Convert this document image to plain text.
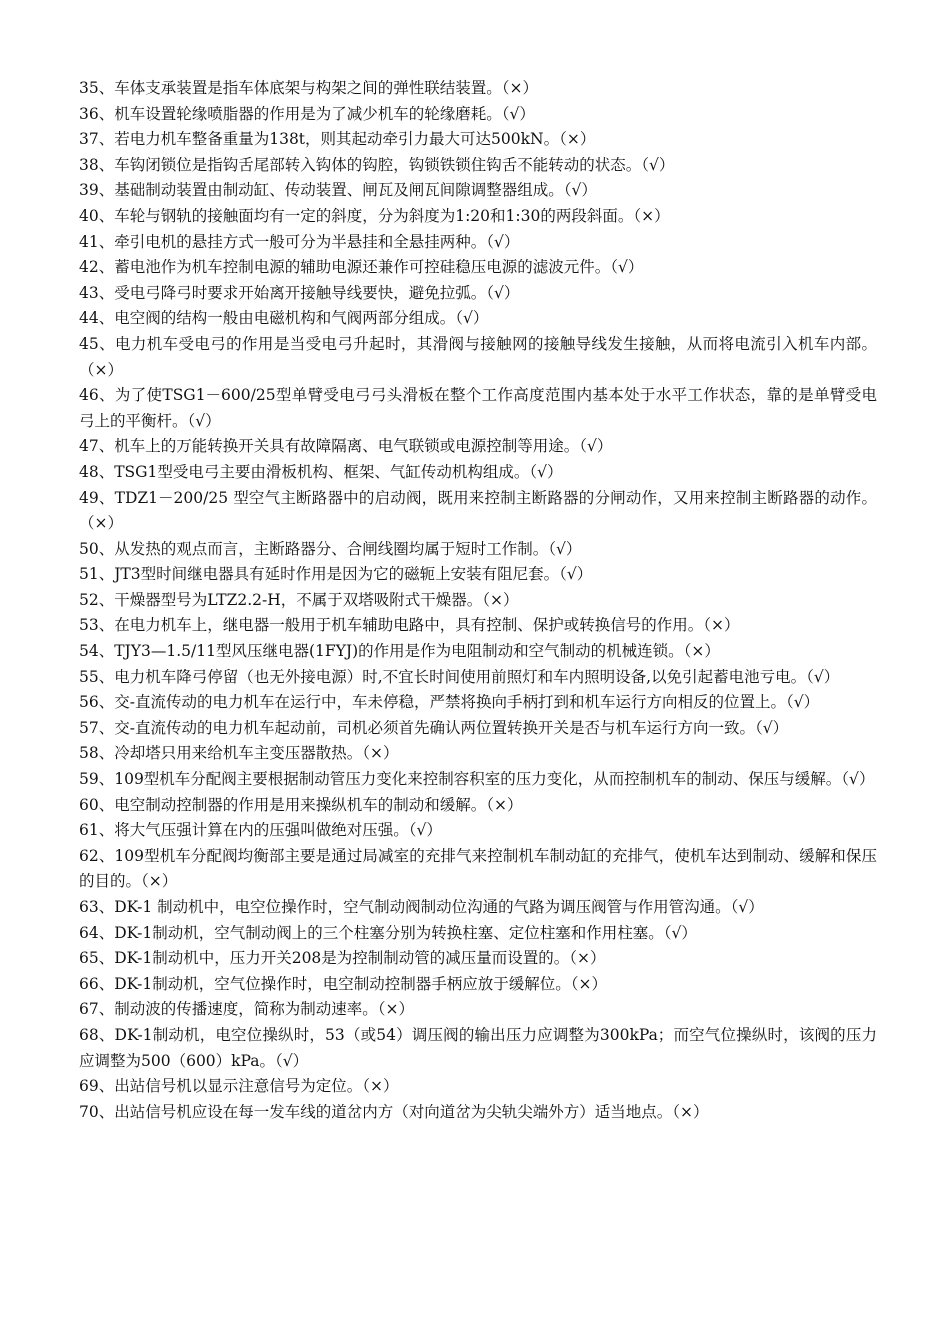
35、车体支承装置是指车体底架与构架之间的弹性联结装置。（×）

36、机车设置轮缘喷脂器的作用是为了减少机车的轮缘磨耗。（√）

37、若电力机车整备重量为138t，则其起动牵引力最大可达500kN。（×）

38、车钩闭锁位是指钩舌尾部转入钩体的钩腔，钩锁铁锁住钩舌不能转动的状态。（√）

39、基础制动装置由制动缸、传动装置、闸瓦及闸瓦间隙调整器组成。（√）

40、车轮与钢轨的接触面均有一定的斜度，分为斜度为1:20和1:30的两段斜面。（×）

41、牵引电机的悬挂方式一般可分为半悬挂和全悬挂两种。（√）

42、蓄电池作为机车控制电源的辅助电源还兼作可控硅稳压电源的滤波元件。（√）

43、受电弓降弓时要求开始离开接触导线要快，避免拉弧。（√）

44、电空阀的结构一般由电磁机构和气阀两部分组成。（√）

45、电力机车受电弓的作用是当受电弓升起时，其滑阀与接触网的接触导线发生接触，从而将电流引入机车内部。（×）

46、为了使TSG1－600/25型单臂受电弓弓头滑板在整个工作高度范围内基本处于水平工作状态，靠的是单臂受电弓上的平衡杆。（√）

47、机车上的万能转换开关具有故障隔离、电气联锁或电源控制等用途。（√）

48、TSG1型受电弓主要由滑板机构、框架、气缸传动机构组成。（√）

49、TDZ1－200/25 型空气主断路器中的启动阀，既用来控制主断路器的分闸动作，又用来控制主断路器的动作。（×）

50、从发热的观点而言，主断路器分、合闸线圈均属于短时工作制。（√）

51、JT3型时间继电器具有延时作用是因为它的磁轭上安装有阻尼套。（√）

52、干燥器型号为LTZ2.2-H，不属于双塔吸附式干燥器。（×）

53、在电力机车上，继电器一般用于机车辅助电路中，具有控制、保护或转换信号的作用。（×）

54、TJY3—1.5/11型风压继电器(1FYJ)的作用是作为电阻制动和空气制动的机械连锁。（×）

55、电力机车降弓停留（也无外接电源）时,不宜长时间使用前照灯和车内照明设备,以免引起蓄电池亏电。（√）

56、交-直流传动的电力机车在运行中，车未停稳，严禁将换向手柄打到和机车运行方向相反的位置上。（√）

57、交-直流传动的电力机车起动前，司机必须首先确认两位置转换开关是否与机车运行方向一致。（√）

58、冷却塔只用来给机车主变压器散热。（×）

59、109型机车分配阀主要根据制动管压力变化来控制容积室的压力变化，从而控制机车的制动、保压与缓解。（√）

60、电空制动控制器的作用是用来操纵机车的制动和缓解。（×）

61、将大气压强计算在内的压强叫做绝对压强。（√）

62、109型机车分配阀均衡部主要是通过局减室的充排气来控制机车制动缸的充排气，使机车达到制动、缓解和保压的目的。（×）

63、DK-1 制动机中，电空位操作时，空气制动阀制动位沟通的气路为调压阀管与作用管沟通。（√）

64、DK-1制动机，空气制动阀上的三个柱塞分别为转换柱塞、定位柱塞和作用柱塞。（√）

65、DK-1制动机中，压力开关208是为控制制动管的减压量而设置的。（×）

66、DK-1制动机，空气位操作时，电空制动控制器手柄应放于缓解位。（×）

67、制动波的传播速度，简称为制动速率。（×）

68、DK-1制动机，电空位操纵时，53（或54）调压阀的输出压力应调整为300kPa；而空气位操纵时，该阀的压力应调整为500（600）kPa。（√）

69、出站信号机以显示注意信号为定位。（×）

70、出站信号机应设在每一发车线的道岔内方（对向道岔为尖轨尖端外方）适当地点。（×）
